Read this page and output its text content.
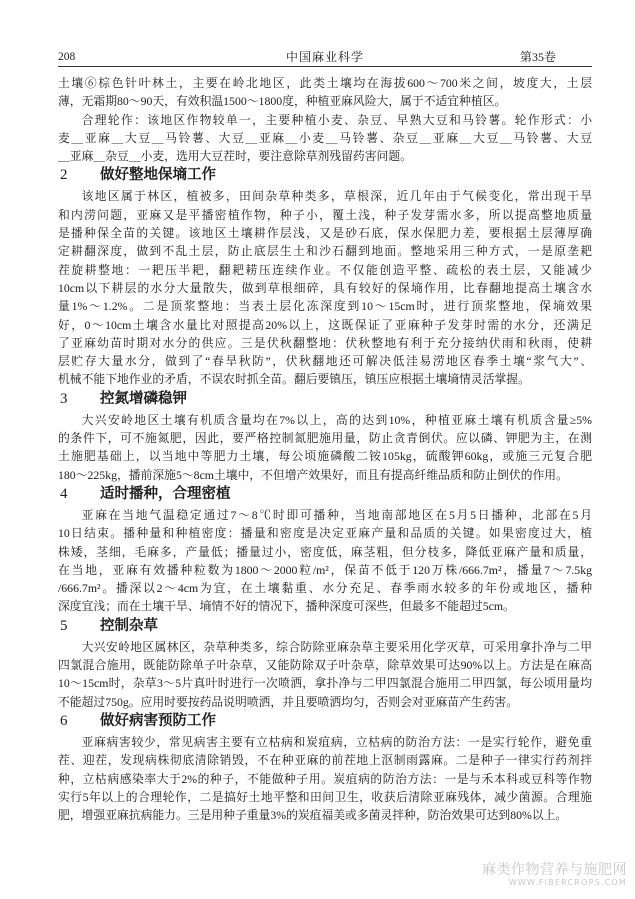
208	中国麻业科学	第35卷
土壤⑥棕色针叶林土，主要在岭北地区，此类土壤均在海拔600～700米之间，坡度大，土层
薄，无霜期80～90天，有效积温1500～1800度，种植亚麻风险大，属于不适宜种植区。
合理轮作：该地区作物较单一，主要种植小麦、杂豆、早熟大豆和马铃薯。轮作形式：小
麦＿亚麻＿大豆＿马铃薯、大豆＿亚麻＿小麦＿马铃薯、杂豆＿亚麻＿大豆＿马铃薯、大豆
＿亚麻＿杂豆＿小麦，选用大豆茬时，要注意除草剂残留药害问题。
2 做好整地保墒工作
该地区属于林区，植被多，田间杂草种类多，草根深，近几年由于气候变化，常出现干旱
和内涝问题，亚麻又是平播密植作物，种子小，覆土浅，种子发芽需水多，所以提高整地质量
是播种保全苗的关键。该地区土壤耕作层浅，又是砂石底，保水保肥力差，要根据土层薄厚确
定耕翻深度，做到不乱土层，防止底层生土和沙石翻到地面。整地采用三种方式，一是原垄耙
茬旋耕整地：一耙压半耙，翻耙耢压连续作业。不仅能创造平整、疏松的表土层，又能减少
10cm以下耕层的水分大量散失，做到草根细碎，具有较好的保墒作用，比春翻地提高土壤含水
量1%～1.2%。二是顶浆整地：当表土层化冻深度到10～15cm时，进行顶浆整地，保墒效果
好，0～10cm土壤含水量比对照提高20%以上，这既保证了亚麻种子发芽时需的水分，还满足
了亚麻幼苗时期对水分的供应。三是伏秋翻整地：伏秋整地有利于充分接纳伏雨和秋雨，使耕
层贮存大量水分，做到了“春旱秋防”，伏秋翻地还可解决低洼易涝地区春季土壤“浆气大”、
机械不能下地作业的矛盾，不误农时抓全苗。翻后要镇压，镇压应根据土壤墒情灵活掌握。
3 控氮增磷稳钾
大兴安岭地区土壤有机质含量均在7%以上，高的达到10%，种植亚麻土壤有机质含量≥5%
的条件下，可不施氮肥，因此，要严格控制氮肥施用量，防止贪青倒伏。应以磷、钾肥为主，在测
土施肥基础上，以当地中等肥力土壤，每公顷施磷酸二铵105kg，硫酸钾60kg，或施三元复合肥
180～225kg，播前深施5～8cm土壤中，不但增产效果好，而且有提高纤维品质和防止倒伏的作用。
4 适时播种，合理密植
亚麻在当地气温稳定通过7～8℃时即可播种，当地南部地区在5月5日播种，北部在5月
10日结束。播种量和种植密度：播量和密度是决定亚麻产量和品质的关键。如果密度过大，植
株矮，茎细，毛麻多，产量低；播量过小，密度低，麻茎粗，但分枝多，降低亚麻产量和质量，
在当地，亚麻有效播种粒数为1800～2000粒/m²，保苗不低于120万株/666.7m²，播量7～7.5kg
/666.7m²。播深以2～4cm为宜，在土壤黏重、水分充足、春季雨水较多的年份或地区，播种
深度宜浅；而在土壤干旱、墒情不好的情况下，播种深度可深些，但最多不能超过5cm。
5 控制杂草
大兴安岭地区属林区，杂草种类多，综合防除亚麻杂草主要采用化学灭草，可采用拿扑净与二甲
四氯混合施用，既能防除单子叶杂草，又能防除双子叶杂草，除草效果可达90%以上。方法是在麻高
10～15cm时，杂草3～5片真叶时进行一次喷洒，拿扑净与二甲四氯混合施用二甲四氯，每公顷用量均
不能超过750g。应用时要按药品说明喷洒，并且要喷洒均匀，否则会对亚麻苗产生药害。
6 做好病害预防工作
亚麻病害较少，常见病害主要有立枯病和炭疽病，立枯病的防治方法：一是实行轮作，避免重
茬、迎茬，发现病株彻底清除销毁，不在种亚麻的前茬地上沤制雨露麻。二是种子一律实行药剂拌
种，立枯病感染率大于2%的种子，不能做种子用。炭疽病的防治方法：一是与禾本科或豆科等作物
实行5年以上的合理轮作，二是搞好土地平整和田间卫生，收获后清除亚麻残体，减少菌源。合理施
肥，增强亚麻抗病能力。三是用种子重量3%的炭疽福美或多菌灵拌种，防治效果可达到80%以上。
麻类作物营养与施肥网
WWW.FIBERCROPS.COM
